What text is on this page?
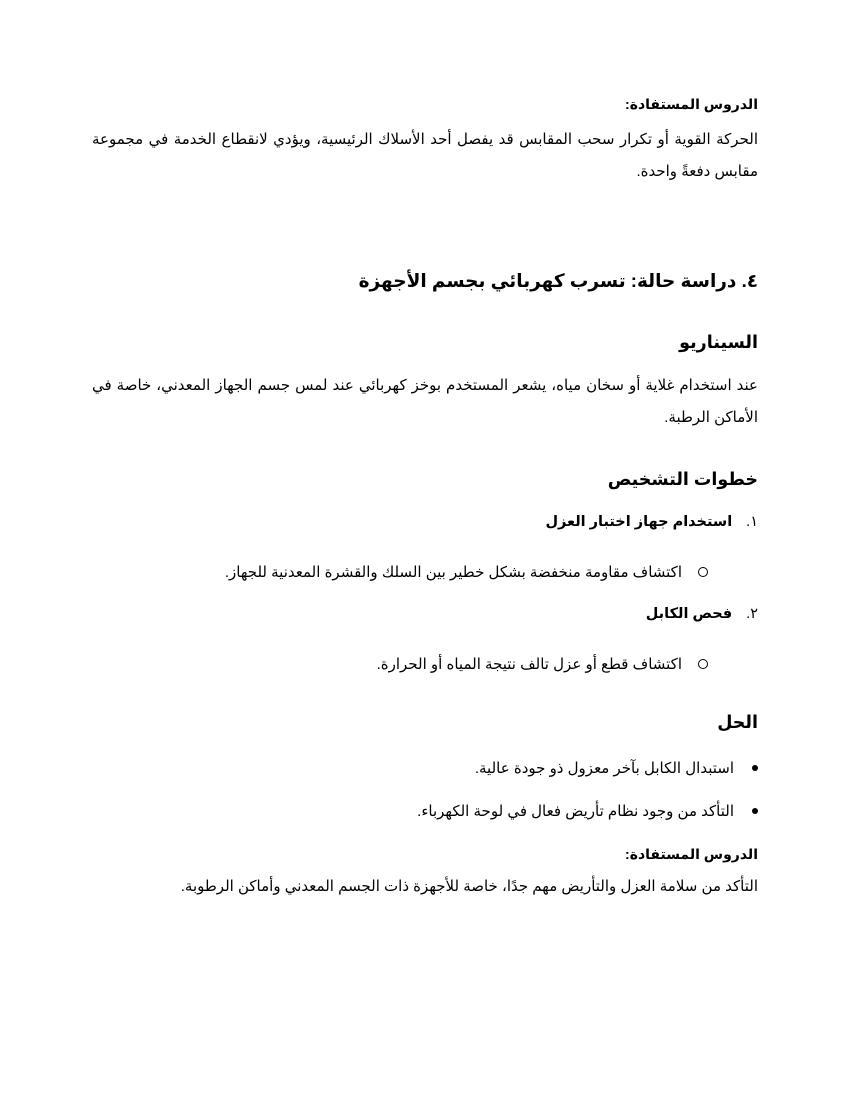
الدروس المستفادة:
الحركة القوية أو تكرار سحب المقابس قد يفصل أحد الأسلاك الرئيسية، ويؤدي لانقطاع الخدمة في مجموعة مقابس دفعةً واحدة.
٤. دراسة حالة: تسرب كهربائي بجسم الأجهزة
السيناريو
عند استخدام غلاية أو سخان مياه، يشعر المستخدم بوخز كهربائي عند لمس جسم الجهاز المعدني، خاصة في الأماكن الرطبة.
خطوات التشخيص
١.استخدام جهاز اختبار العزل
اكتشاف مقاومة منخفضة بشكل خطير بين السلك والقشرة المعدنية للجهاز.
٢.فحص الكابل
اكتشاف قطع أو عزل تالف نتيجة المياه أو الحرارة.
الحل
استبدال الكابل بآخر معزول ذو جودة عالية.
التأكد من وجود نظام تأريض فعال في لوحة الكهرباء.
الدروس المستفادة:
التأكد من سلامة العزل والتأريض مهم جدًا، خاصة للأجهزة ذات الجسم المعدني وأماكن الرطوبة.
